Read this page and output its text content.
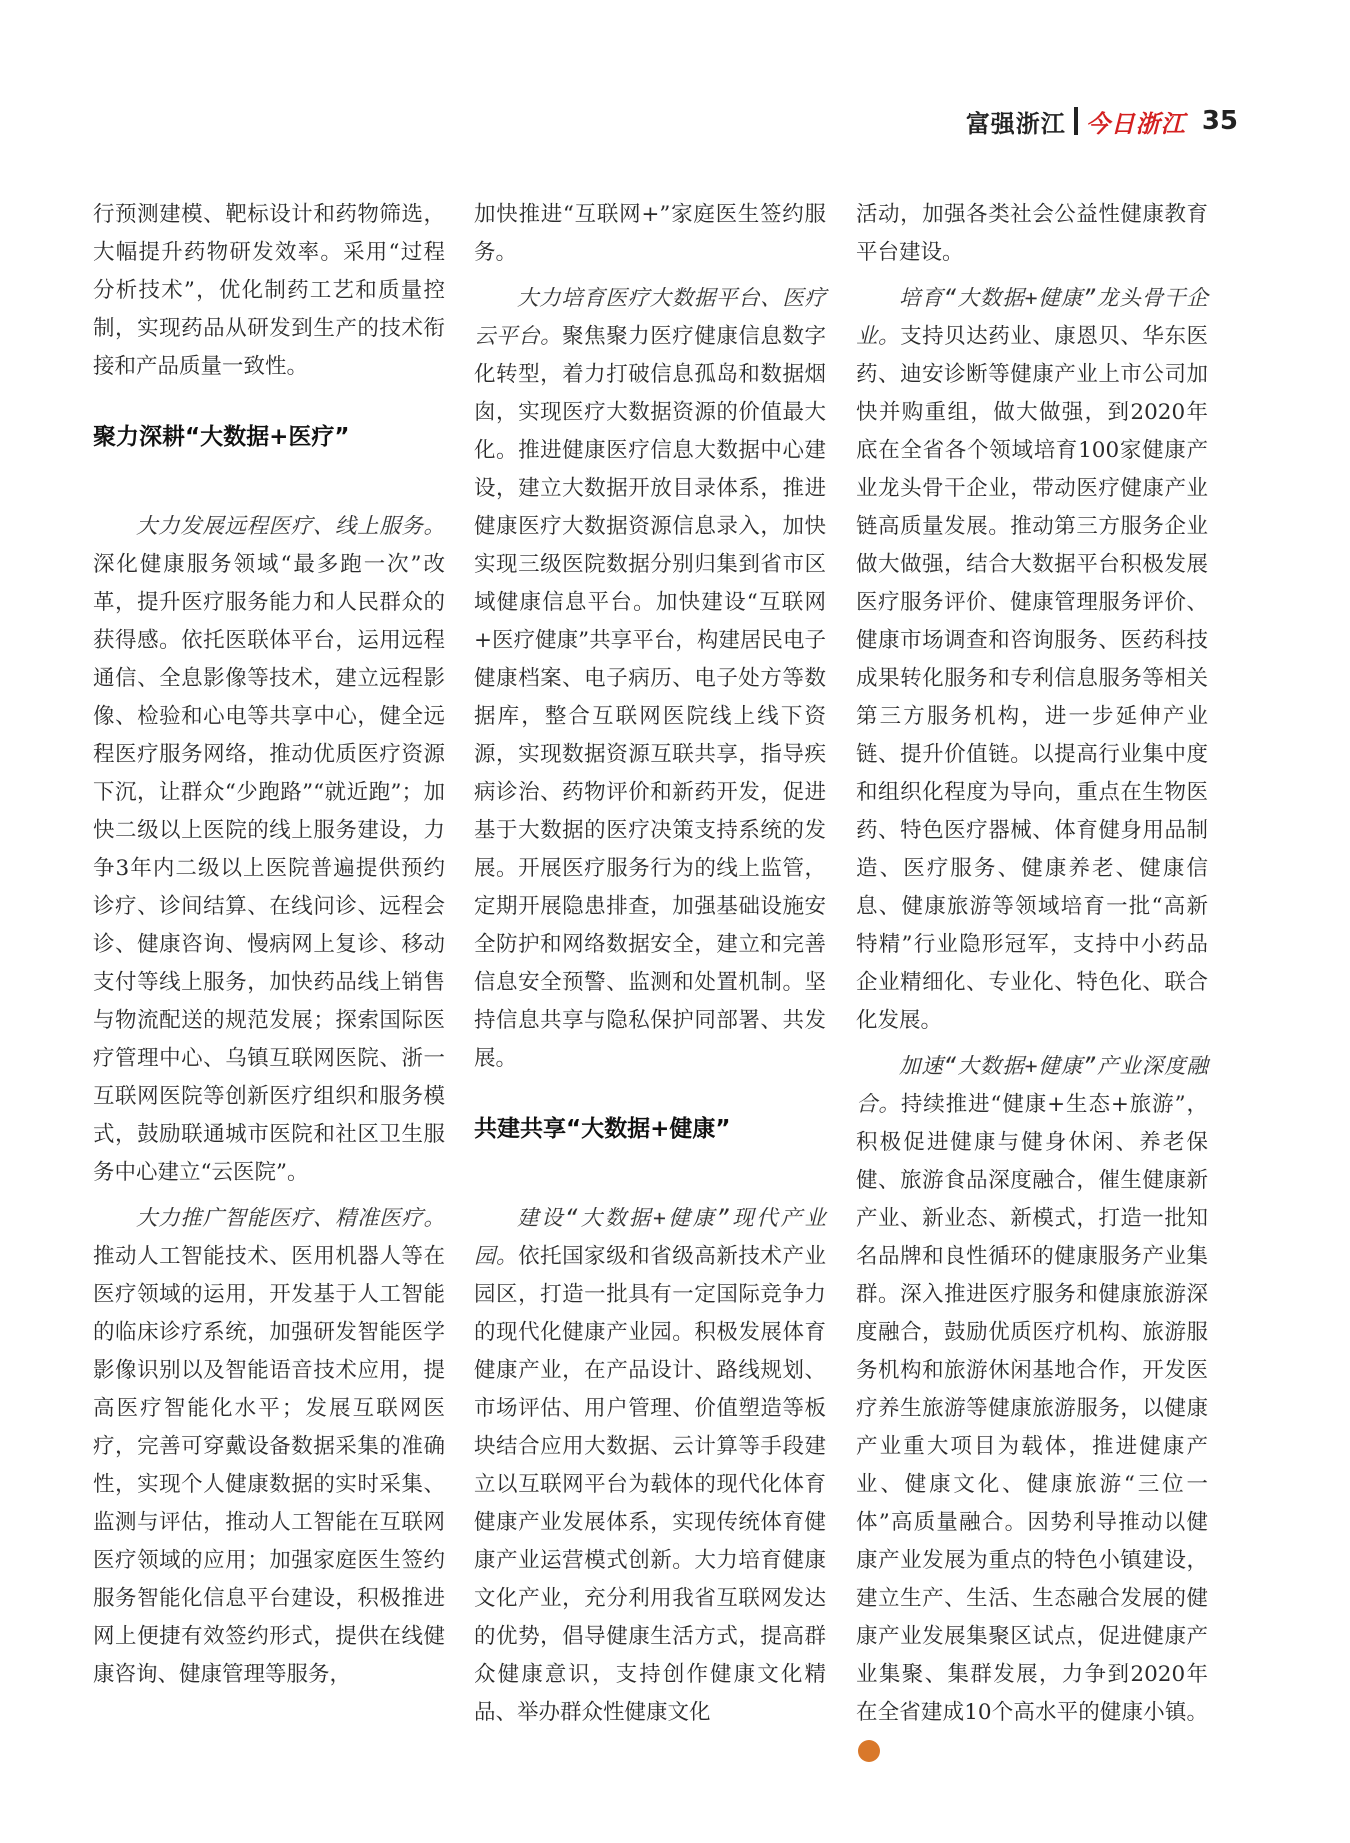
富强浙江 今日浙江 35

行预测建模、靶标设计和药物筛选，大幅提升药物研发效率。采用“过程分析技术”，优化制药工艺和质量控制，实现药品从研发到生产的技术衔接和产品质量一致性。

聚力深耕“大数据+医疗”

大力发展远程医疗、线上服务。深化健康服务领域“最多跑一次”改革，提升医疗服务能力和人民群众的获得感。依托医联体平台，运用远程通信、全息影像等技术，建立远程影像、检验和心电等共享中心，健全远程医疗服务网络，推动优质医疗资源下沉，让群众“少跑路”“就近跑”；加快二级以上医院的线上服务建设，力争3年内二级以上医院普遍提供预约诊疗、诊间结算、在线问诊、远程会诊、健康咨询、慢病网上复诊、移动支付等线上服务，加快药品线上销售与物流配送的规范发展；探索国际医疗管理中心、乌镇互联网医院、浙一互联网医院等创新医疗组织和服务模式，鼓励联通城市医院和社区卫生服务中心建立“云医院”。

大力推广智能医疗、精准医疗。推动人工智能技术、医用机器人等在医疗领域的运用，开发基于人工智能的临床诊疗系统，加强研发智能医学影像识别以及智能语音技术应用，提高医疗智能化水平；发展互联网医疗，完善可穿戴设备数据采集的准确性，实现个人健康数据的实时采集、监测与评估，推动人工智能在互联网医疗领域的应用；加强家庭医生签约服务智能化信息平台建设，积极推进网上便捷有效签约形式，提供在线健康咨询、健康管理等服务，

加快推进“互联网+”家庭医生签约服务。

大力培育医疗大数据平台、医疗云平台。聚焦聚力医疗健康信息数字化转型，着力打破信息孤岛和数据烟囱，实现医疗大数据资源的价值最大化。推进健康医疗信息大数据中心建设，建立大数据开放目录体系，推进健康医疗大数据资源信息录入，加快实现三级医院数据分别归集到省市区域健康信息平台。加快建设“互联网+医疗健康”共享平台，构建居民电子健康档案、电子病历、电子处方等数据库，整合互联网医院线上线下资源，实现数据资源互联共享，指导疾病诊治、药物评价和新药开发，促进基于大数据的医疗决策支持系统的发展。开展医疗服务行为的线上监管，定期开展隐患排查，加强基础设施安全防护和网络数据安全，建立和完善信息安全预警、监测和处置机制。坚持信息共享与隐私保护同部署、共发展。

共建共享“大数据+健康”

建设“大数据+健康”现代产业园。依托国家级和省级高新技术产业园区，打造一批具有一定国际竞争力的现代化健康产业园。积极发展体育健康产业，在产品设计、路线规划、市场评估、用户管理、价值塑造等板块结合应用大数据、云计算等手段建立以互联网平台为载体的现代化体育健康产业发展体系，实现传统体育健康产业运营模式创新。大力培育健康文化产业，充分利用我省互联网发达的优势，倡导健康生活方式，提高群众健康意识，支持创作健康文化精品、举办群众性健康文化

活动，加强各类社会公益性健康教育平台建设。

培育“大数据+健康”龙头骨干企业。支持贝达药业、康恩贝、华东医药、迪安诊断等健康产业上市公司加快并购重组，做大做强，到2020年底在全省各个领域培育100家健康产业龙头骨干企业，带动医疗健康产业链高质量发展。推动第三方服务企业做大做强，结合大数据平台积极发展医疗服务评价、健康管理服务评价、健康市场调查和咨询服务、医药科技成果转化服务和专利信息服务等相关第三方服务机构，进一步延伸产业链、提升价值链。以提高行业集中度和组织化程度为导向，重点在生物医药、特色医疗器械、体育健身用品制造、医疗服务、健康养老、健康信息、健康旅游等领域培育一批“高新特精”行业隐形冠军，支持中小药品企业精细化、专业化、特色化、联合化发展。

加速“大数据+健康”产业深度融合。持续推进“健康+生态+旅游”，积极促进健康与健身休闲、养老保健、旅游食品深度融合，催生健康新产业、新业态、新模式，打造一批知名品牌和良性循环的健康服务产业集群。深入推进医疗服务和健康旅游深度融合，鼓励优质医疗机构、旅游服务机构和旅游休闲基地合作，开发医疗养生旅游等健康旅游服务，以健康产业重大项目为载体，推进健康产业、健康文化、健康旅游“三位一体”高质量融合。因势利导推动以健康产业发展为重点的特色小镇建设，建立生产、生活、生态融合发展的健康产业发展集聚区试点，促进健康产业集聚、集群发展，力争到2020年在全省建成10个高水平的健康小镇。今
